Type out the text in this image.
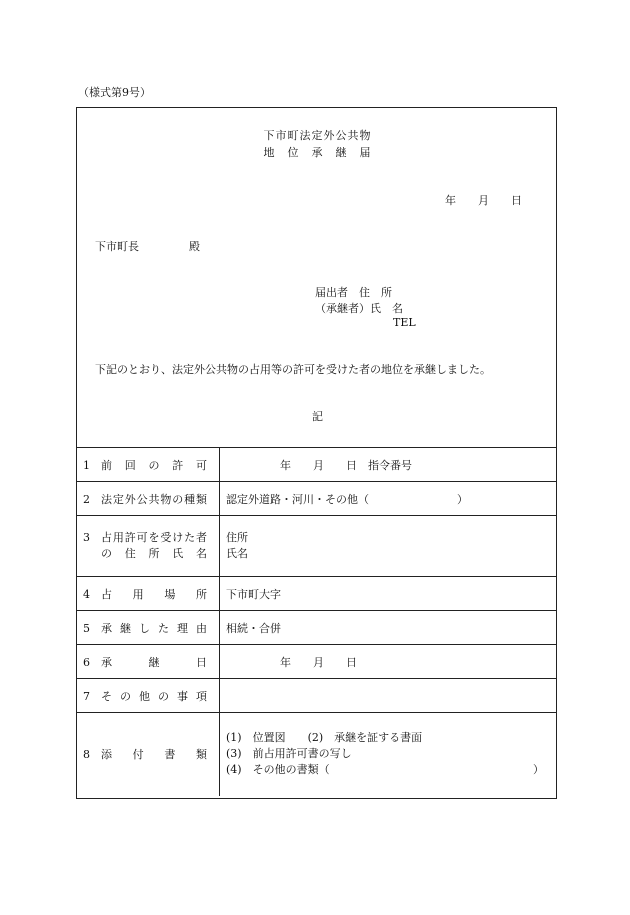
（様式第9号）
下市町法定外公共物
地　位　承　継　届
年　　月　　日
下市町長	殿
届出者　住　所
（承継者）氏　名
TEL
下記のとおり、法定外公共物の占用等の許可を受けた者の地位を承継しました。
記
1 前回の許可	年　　月　　日　指令番号
2 法定外公共物の種類	認定外道路・河川・その他（　　　　　　　　）

3 占用許可を受けた者
の住所氏名	住所
氏名

4 占用場所	下市町大字
5 承継した理由	相続・合併
6 承継日	年　　月　　日
7 その他の事項	
8 添付書類	(1)　位置図　　(2)　承継を証する書面
(3)　前占用許可書の写し
(4)　その他の書類（ ）
